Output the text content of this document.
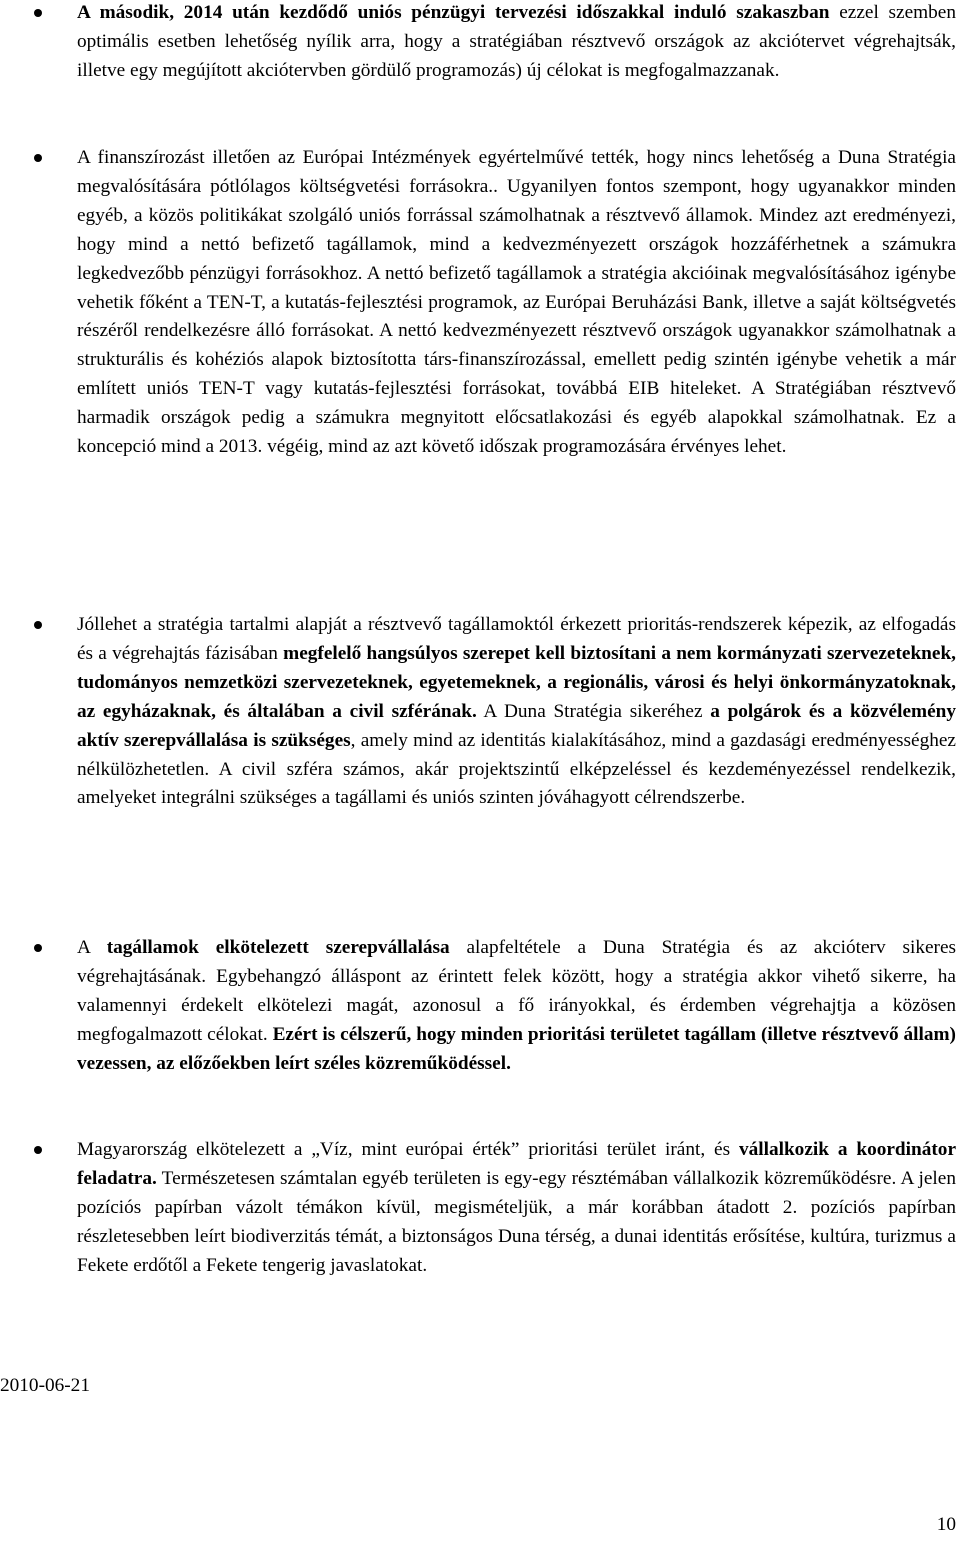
A második, 2014 után kezdődő uniós pénzügyi tervezési időszakkal induló szakaszban ezzel szemben optimális esetben lehetőség nyílik arra, hogy a stratégiában résztvevő országok az akciótervet végrehajtsák, illetve egy megújított akciótervben gördülő programozás) új célokat is megfogalmazzanak.
A finanszírozást illetően az Európai Intézmények egyértelművé tették, hogy nincs lehetőség a Duna Stratégia megvalósítására pótlólagos költségvetési forrásokra.. Ugyanilyen fontos szempont, hogy ugyanakkor minden egyéb, a közös politikákat szolgáló uniós forrással számolhatnak a résztvevő államok. Mindez azt eredményezi, hogy mind a nettó befizető tagállamok, mind a kedvezményezett országok hozzáférhetnek a számukra legkedvezőbb pénzügyi forrásokhoz. A nettó befizető tagállamok a stratégia akcióinak megvalósításához igénybe vehetik főként a TEN-T, a kutatás-fejlesztési programok, az Európai Beruházási Bank, illetve a saját költségvetés részéről rendelkezésre álló forrásokat. A nettó kedvezményezett résztvevő országok ugyanakkor számolhatnak a strukturális és kohéziós alapok biztosította társ-finanszírozással, emellett pedig szintén igénybe vehetik a már említett uniós TEN-T vagy kutatás-fejlesztési forrásokat, továbbá EIB hiteleket. A Stratégiában résztvevő harmadik országok pedig a számukra megnyitott előcsatlakozási és egyéb alapokkal számolhatnak. Ez a koncepció mind a 2013. végéig, mind az azt követő időszak programozására érvényes lehet.
Jóllehet a stratégia tartalmi alapját a résztvevő tagállamoktól érkezett prioritás-rendszerek képezik, az elfogadás és a végrehajtás fázisában megfelelő hangsúlyos szerepet kell biztosítani a nem kormányzati szervezeteknek, tudományos nemzetközi szervezeteknek, egyetemeknek, a regionális, városi és helyi önkormányzatoknak, az egyházaknak, és általában a civil szférának. A Duna Stratégia sikeréhez a polgárok és a közvélemény aktív szerepvállalása is szükséges, amely mind az identitás kialakításához, mind a gazdasági eredményességhez nélkülözhetetlen. A civil szféra számos, akár projektszintű elképzeléssel és kezdeményezéssel rendelkezik, amelyeket integrálni szükséges a tagállami és uniós szinten jóváhagyott célrendszerbe.
A tagállamok elkötelezett szerepvállalása alapfeltétele a Duna Stratégia és az akcióterv sikeres végrehajtásának. Egybehangzó álláspont az érintett felek között, hogy a stratégia akkor vihető sikerre, ha valamennyi érdekelt elkötelezi magát, azonosul a fő irányokkal, és érdemben végrehajtja a közösen megfogalmazott célokat. Ezért is célszerű, hogy minden prioritási területet tagállam (illetve résztvevő állam) vezessen, az előzőekben leírt széles közreműködéssel.
Magyarország elkötelezett a „Víz, mint európai érték” prioritási terület iránt, és vállalkozik a koordinátor feladatra. Természetesen számtalan egyéb területen is egy-egy résztémában vállalkozik közreműködésre. A jelen pozíciós papírban vázolt témákon kívül, megismételjük, a már korábban átadott 2. pozíciós papírban részletesebben leírt biodiverzitás témát, a biztonságos Duna térség, a dunai identitás erősítése, kultúra, turizmus a Fekete erdőtől a Fekete tengerig javaslatokat.
2010-06-21
10
